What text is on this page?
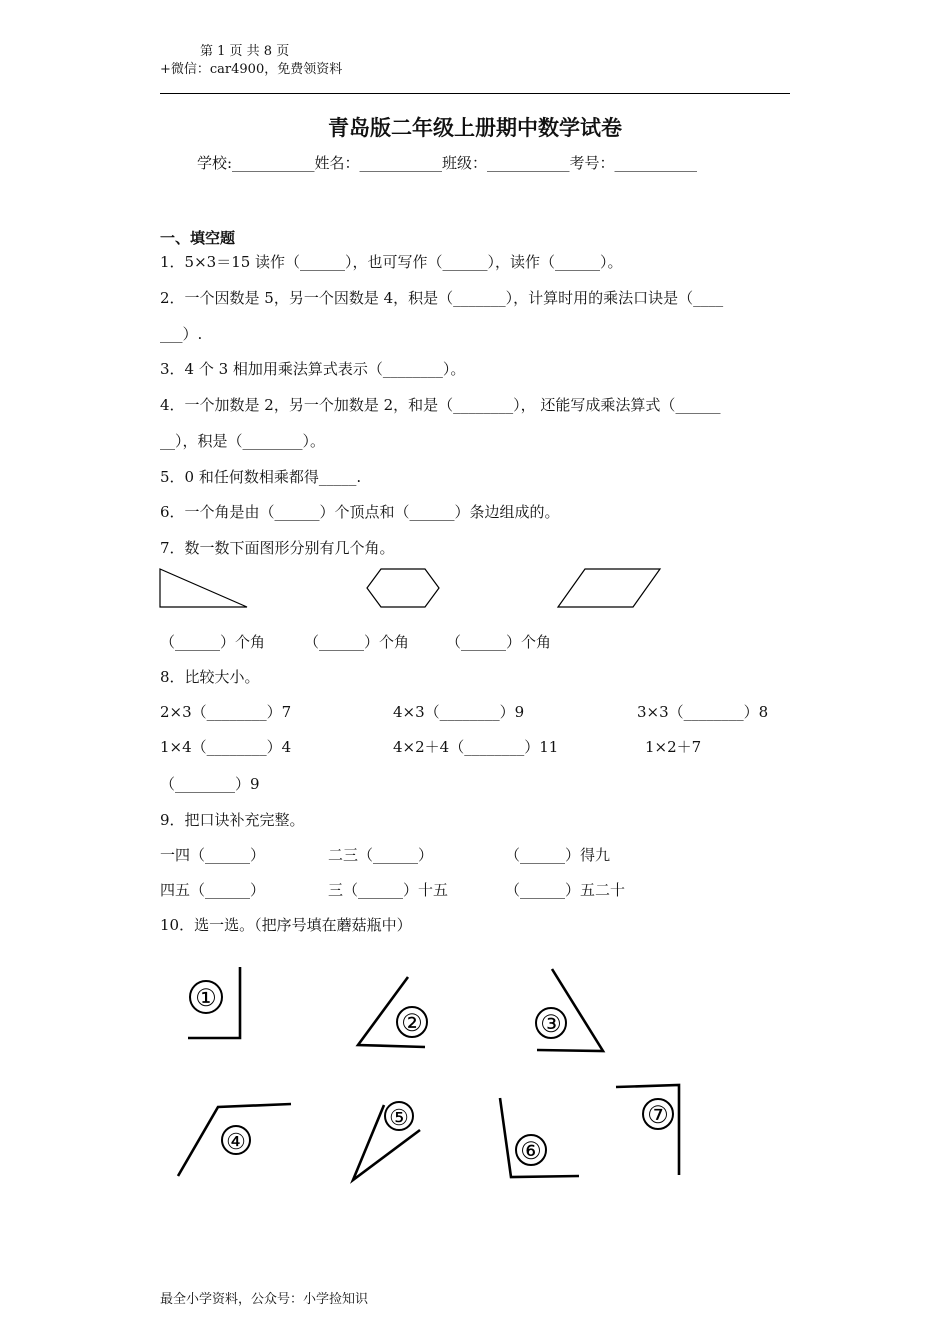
第 1 页 共 8 页
+微信：car4900，免费领资料
青岛版二年级上册期中数学试卷
学校:___________姓名：___________班级：___________考号：___________
一、填空题
1．5×3＝15 读作（______），也可写作（______），读作（______）。
2．一个因数是 5，另一个因数是 4，积是（_______），计算时用的乘法口诀是（____
___）.
3．4 个 3 相加用乘法算式表示（________）。
4．一个加数是 2，另一个加数是 2，和是（________）， 还能写成乘法算式（______
__），积是（________）。
5．0 和任何数相乘都得_____.
6．一个角是由（______）个顶点和（______）条边组成的。
7．数一数下面图形分别有几个角。
（______）个角	（______）个角 （______）个角
8．比较大小。
2×3（________）7	4×3（________）9	3×3（________）8
1×4（________）4	4×2＋4（________）11	1×2＋7
（________）9
9．把口诀补充完整。
一四（______）	二三（______）	（______）得九
四五（______）	三（______）十五	（______）五二十
10．选一选。（把序号填在蘑菇瓶中）
最全小学资料，公众号：小学捡知识
①
②	③
④
⑤
⑥
⑦
